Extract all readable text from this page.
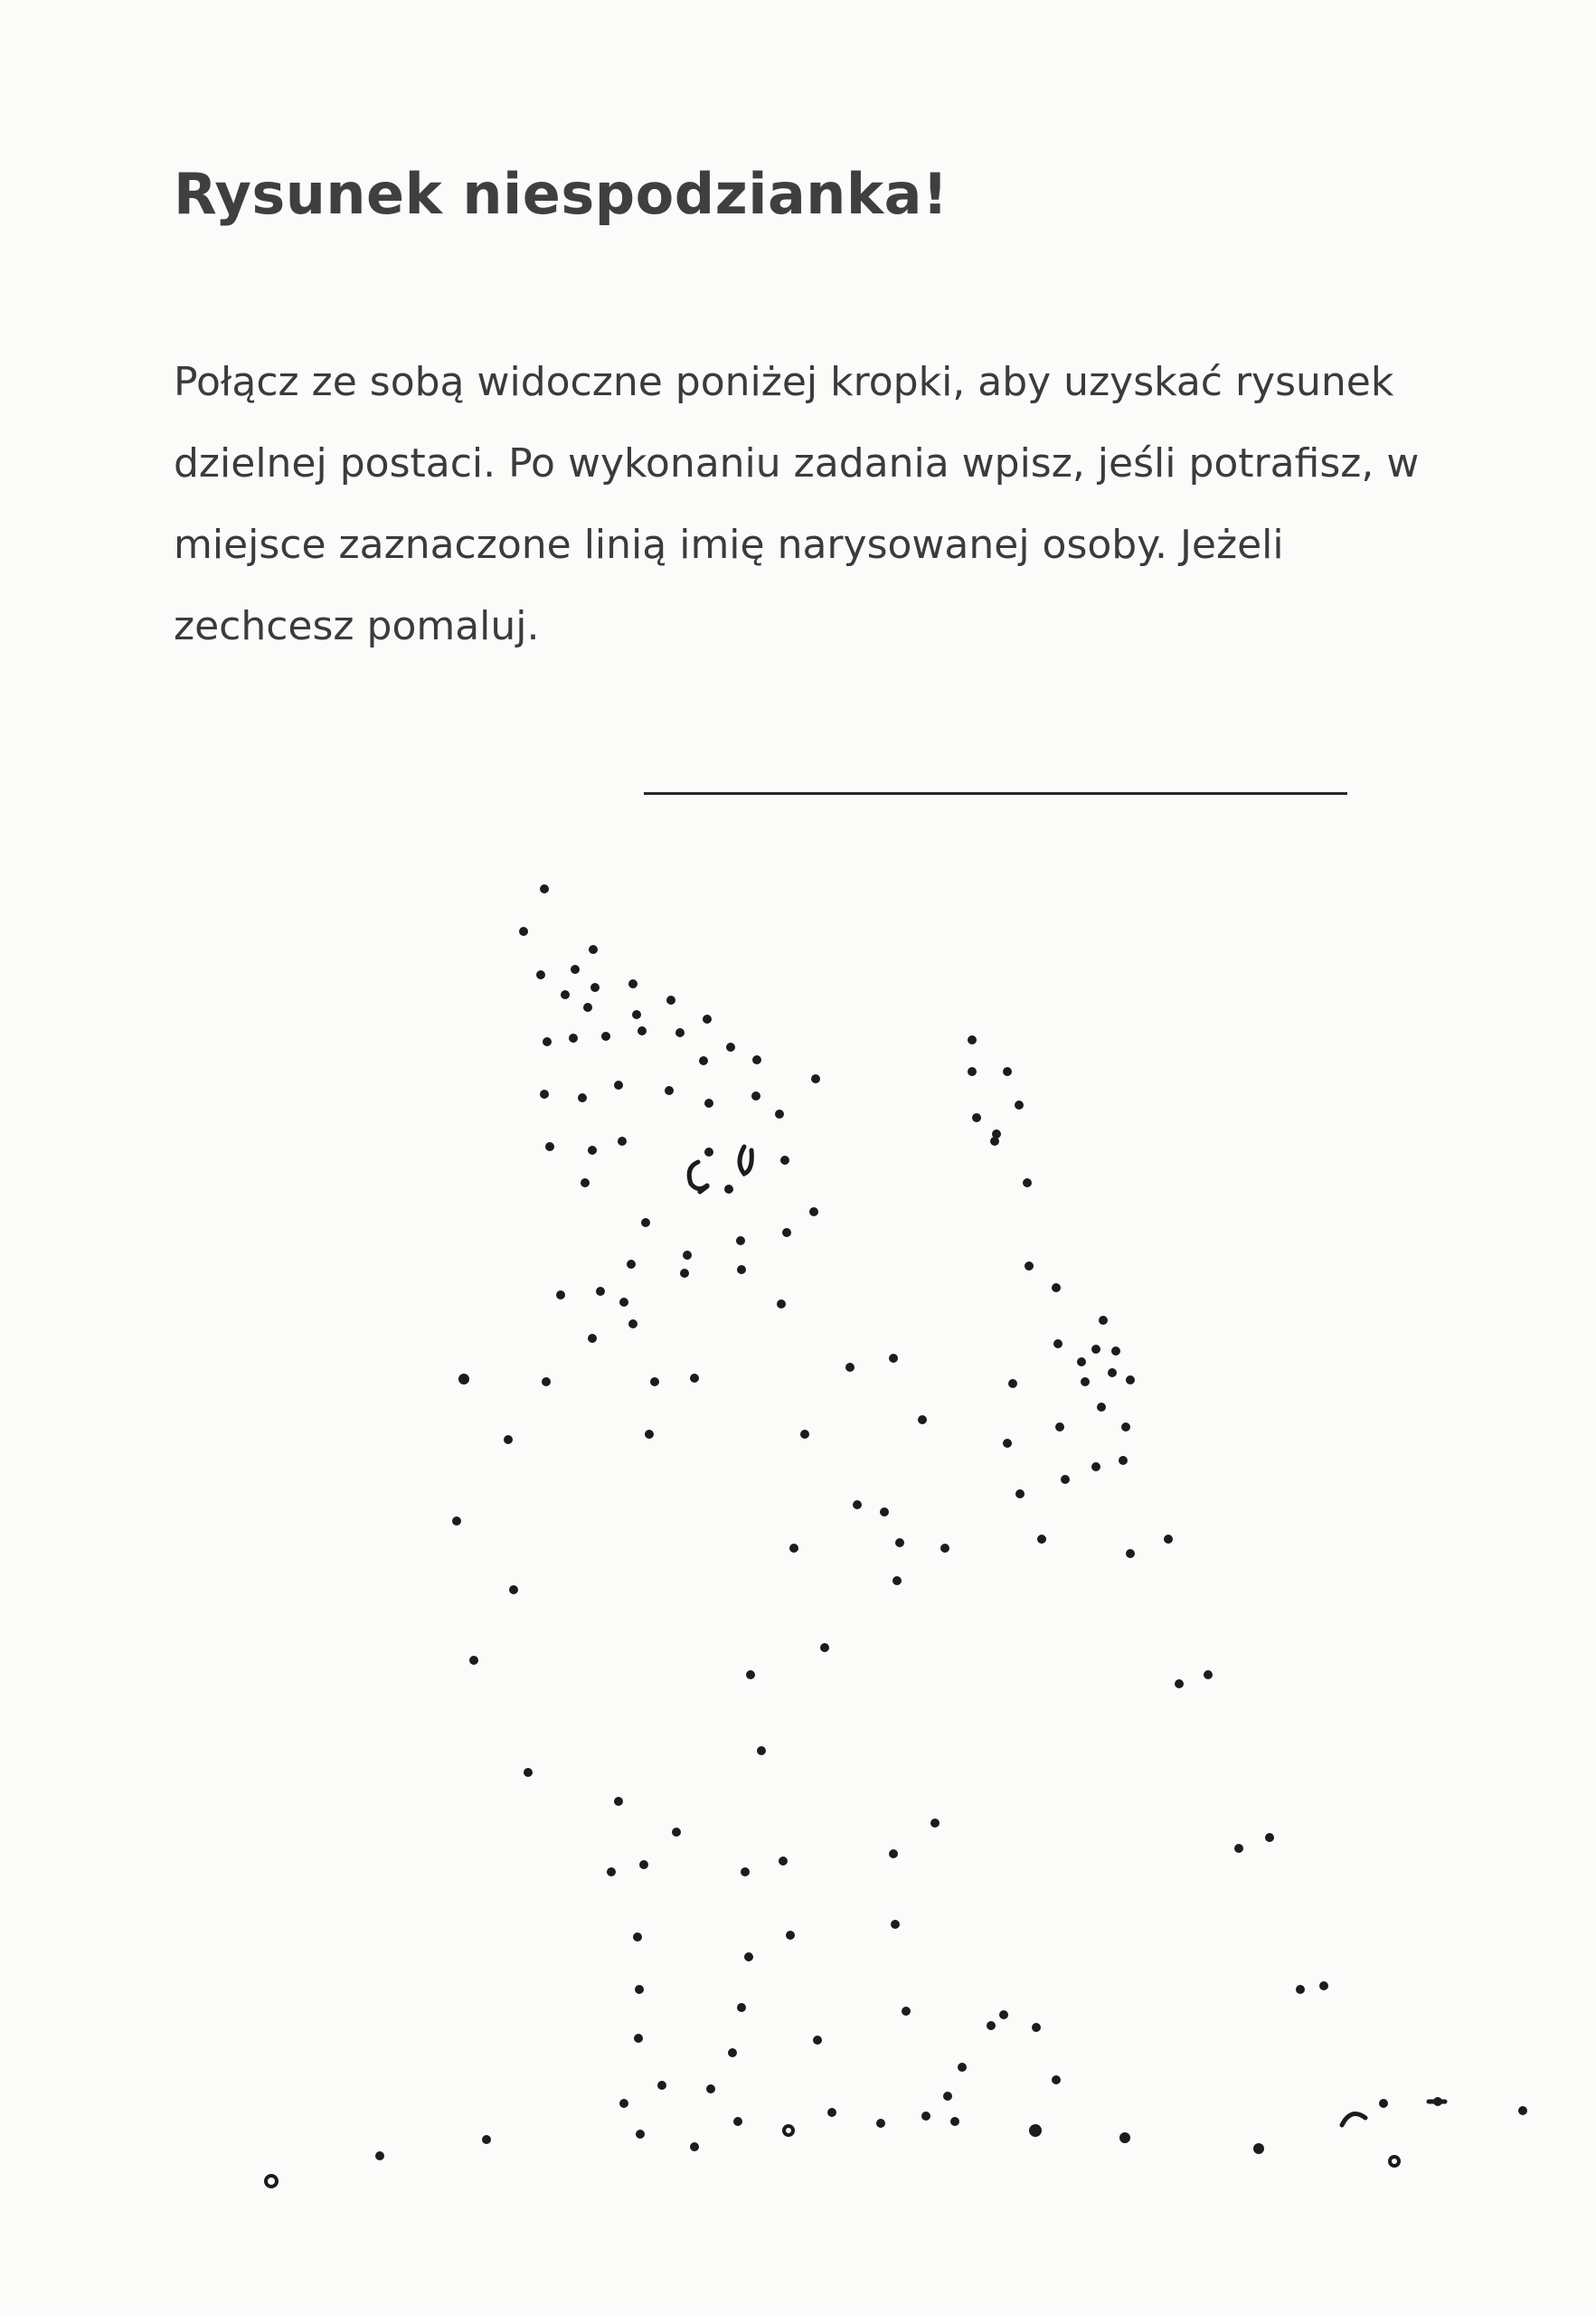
Rysunek niespodzianka!

Połącz ze sobą widoczne poniżej kropki, aby uzyskać rysunek dzielnej postaci. Po wykonaniu zadania wpisz, jeśli potrafisz, w miejsce zaznaczone linią imię narysowanej osoby. Jeżeli zechcesz pomaluj.
